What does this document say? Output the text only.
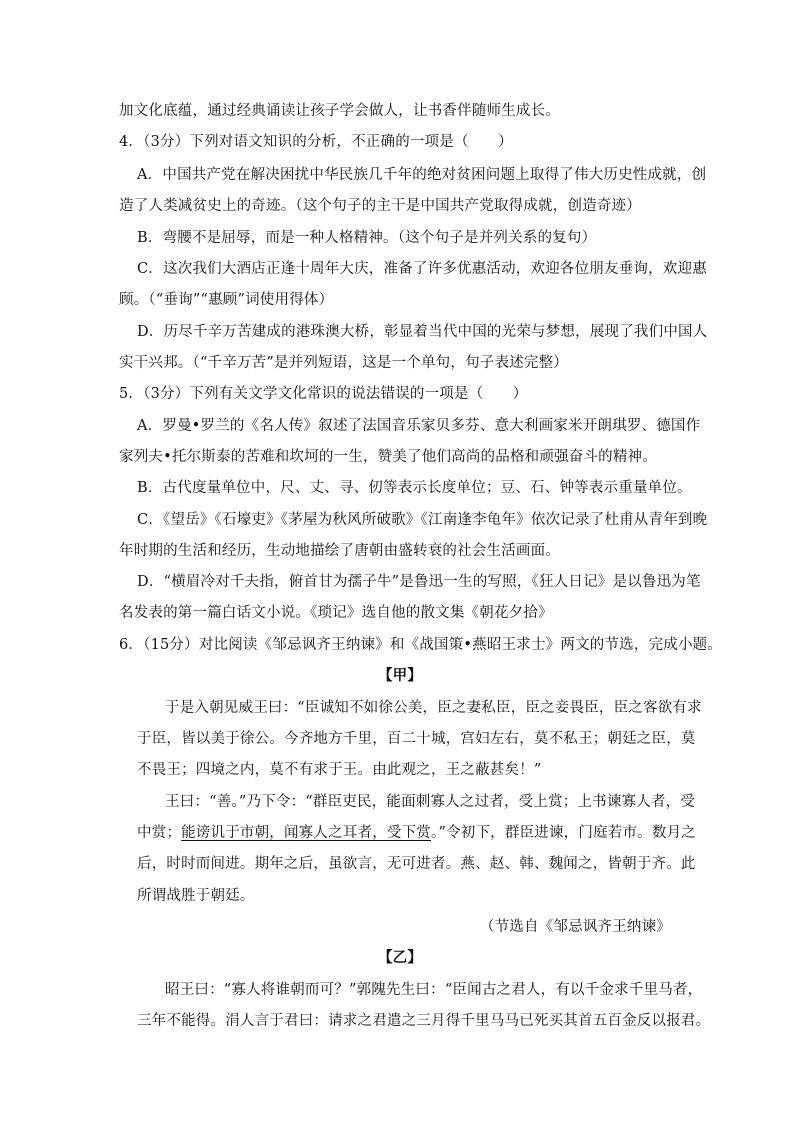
加文化底蕴，通过经典诵读让孩子学会做人，让书香伴随师生成长。
4．（3分）下列对语文知识的分析，不正确的一项是（　　）
A．中国共产党在解决困扰中华民族几千年的绝对贫困问题上取得了伟大历史性成就，创
造了人类减贫史上的奇迹。（这个句子的主干是中国共产党取得成就，创造奇迹）
B．弯腰不是屈辱，而是一种人格精神。（这个句子是并列关系的复句）
C．这次我们大酒店正逢十周年大庆，准备了许多优惠活动，欢迎各位朋友垂询，欢迎惠
顾。（“垂询”“惠顾”词使用得体）
D．历尽千辛万苦建成的港珠澳大桥，彰显着当代中国的光荣与梦想，展现了我们中国人
实干兴邦。（“千辛万苦”是并列短语，这是一个单句，句子表述完整）
5．（3分）下列有关文学文化常识的说法错误的一项是（　　）
A．罗曼•罗兰的《名人传》叙述了法国音乐家贝多芬、意大利画家米开朗琪罗、德国作
家列夫•托尔斯泰的苦难和坎坷的一生，赞美了他们高尚的品格和顽强奋斗的精神。
B．古代度量单位中，尺、丈、寻、仞等表示长度单位；豆、石、钟等表示重量单位。
C．《望岳》《石壕吏》《茅屋为秋风所破歌》《江南逢李龟年》依次记录了杜甫从青年到晚
年时期的生活和经历，生动地描绘了唐朝由盛转衰的社会生活画面。
D．“横眉冷对千夫指，俯首甘为孺子牛”是鲁迅一生的写照，《狂人日记》是以鲁迅为笔
名发表的第一篇白话文小说。《琐记》选自他的散文集《朝花夕拾》
6．（15分）对比阅读《邹忌讽齐王纳谏》和《战国策•燕昭王求士》两文的节选，完成小题。
【甲】
于是入朝见威王曰：“臣诚知不如徐公美，臣之妻私臣，臣之妾畏臣，臣之客欲有求
于臣，皆以美于徐公。今齐地方千里，百二十城，宫妇左右，莫不私王；朝廷之臣，莫
不畏王；四境之内，莫不有求于王。由此观之，王之蔽甚矣！”
王曰：“善。”乃下令：“群臣吏民，能面刺寡人之过者，受上赏；上书谏寡人者，受
中赏；能谤讥于市朝，闻寡人之耳者，受下赏。”令初下，群臣进谏，门庭若市。数月之
后，时时而间进。期年之后，虽欲言，无可进者。燕、赵、韩、魏闻之，皆朝于齐。此
所谓战胜于朝廷。
（节选自《邹忌讽齐王纳谏》
【乙】
昭王曰：“寡人将谁朝而可？”郭隗先生曰：“臣闻古之君人，有以千金求千里马者，
三年不能得。涓人言于君曰：请求之君遣之三月得千里马马已死买其首五百金反以报君。
